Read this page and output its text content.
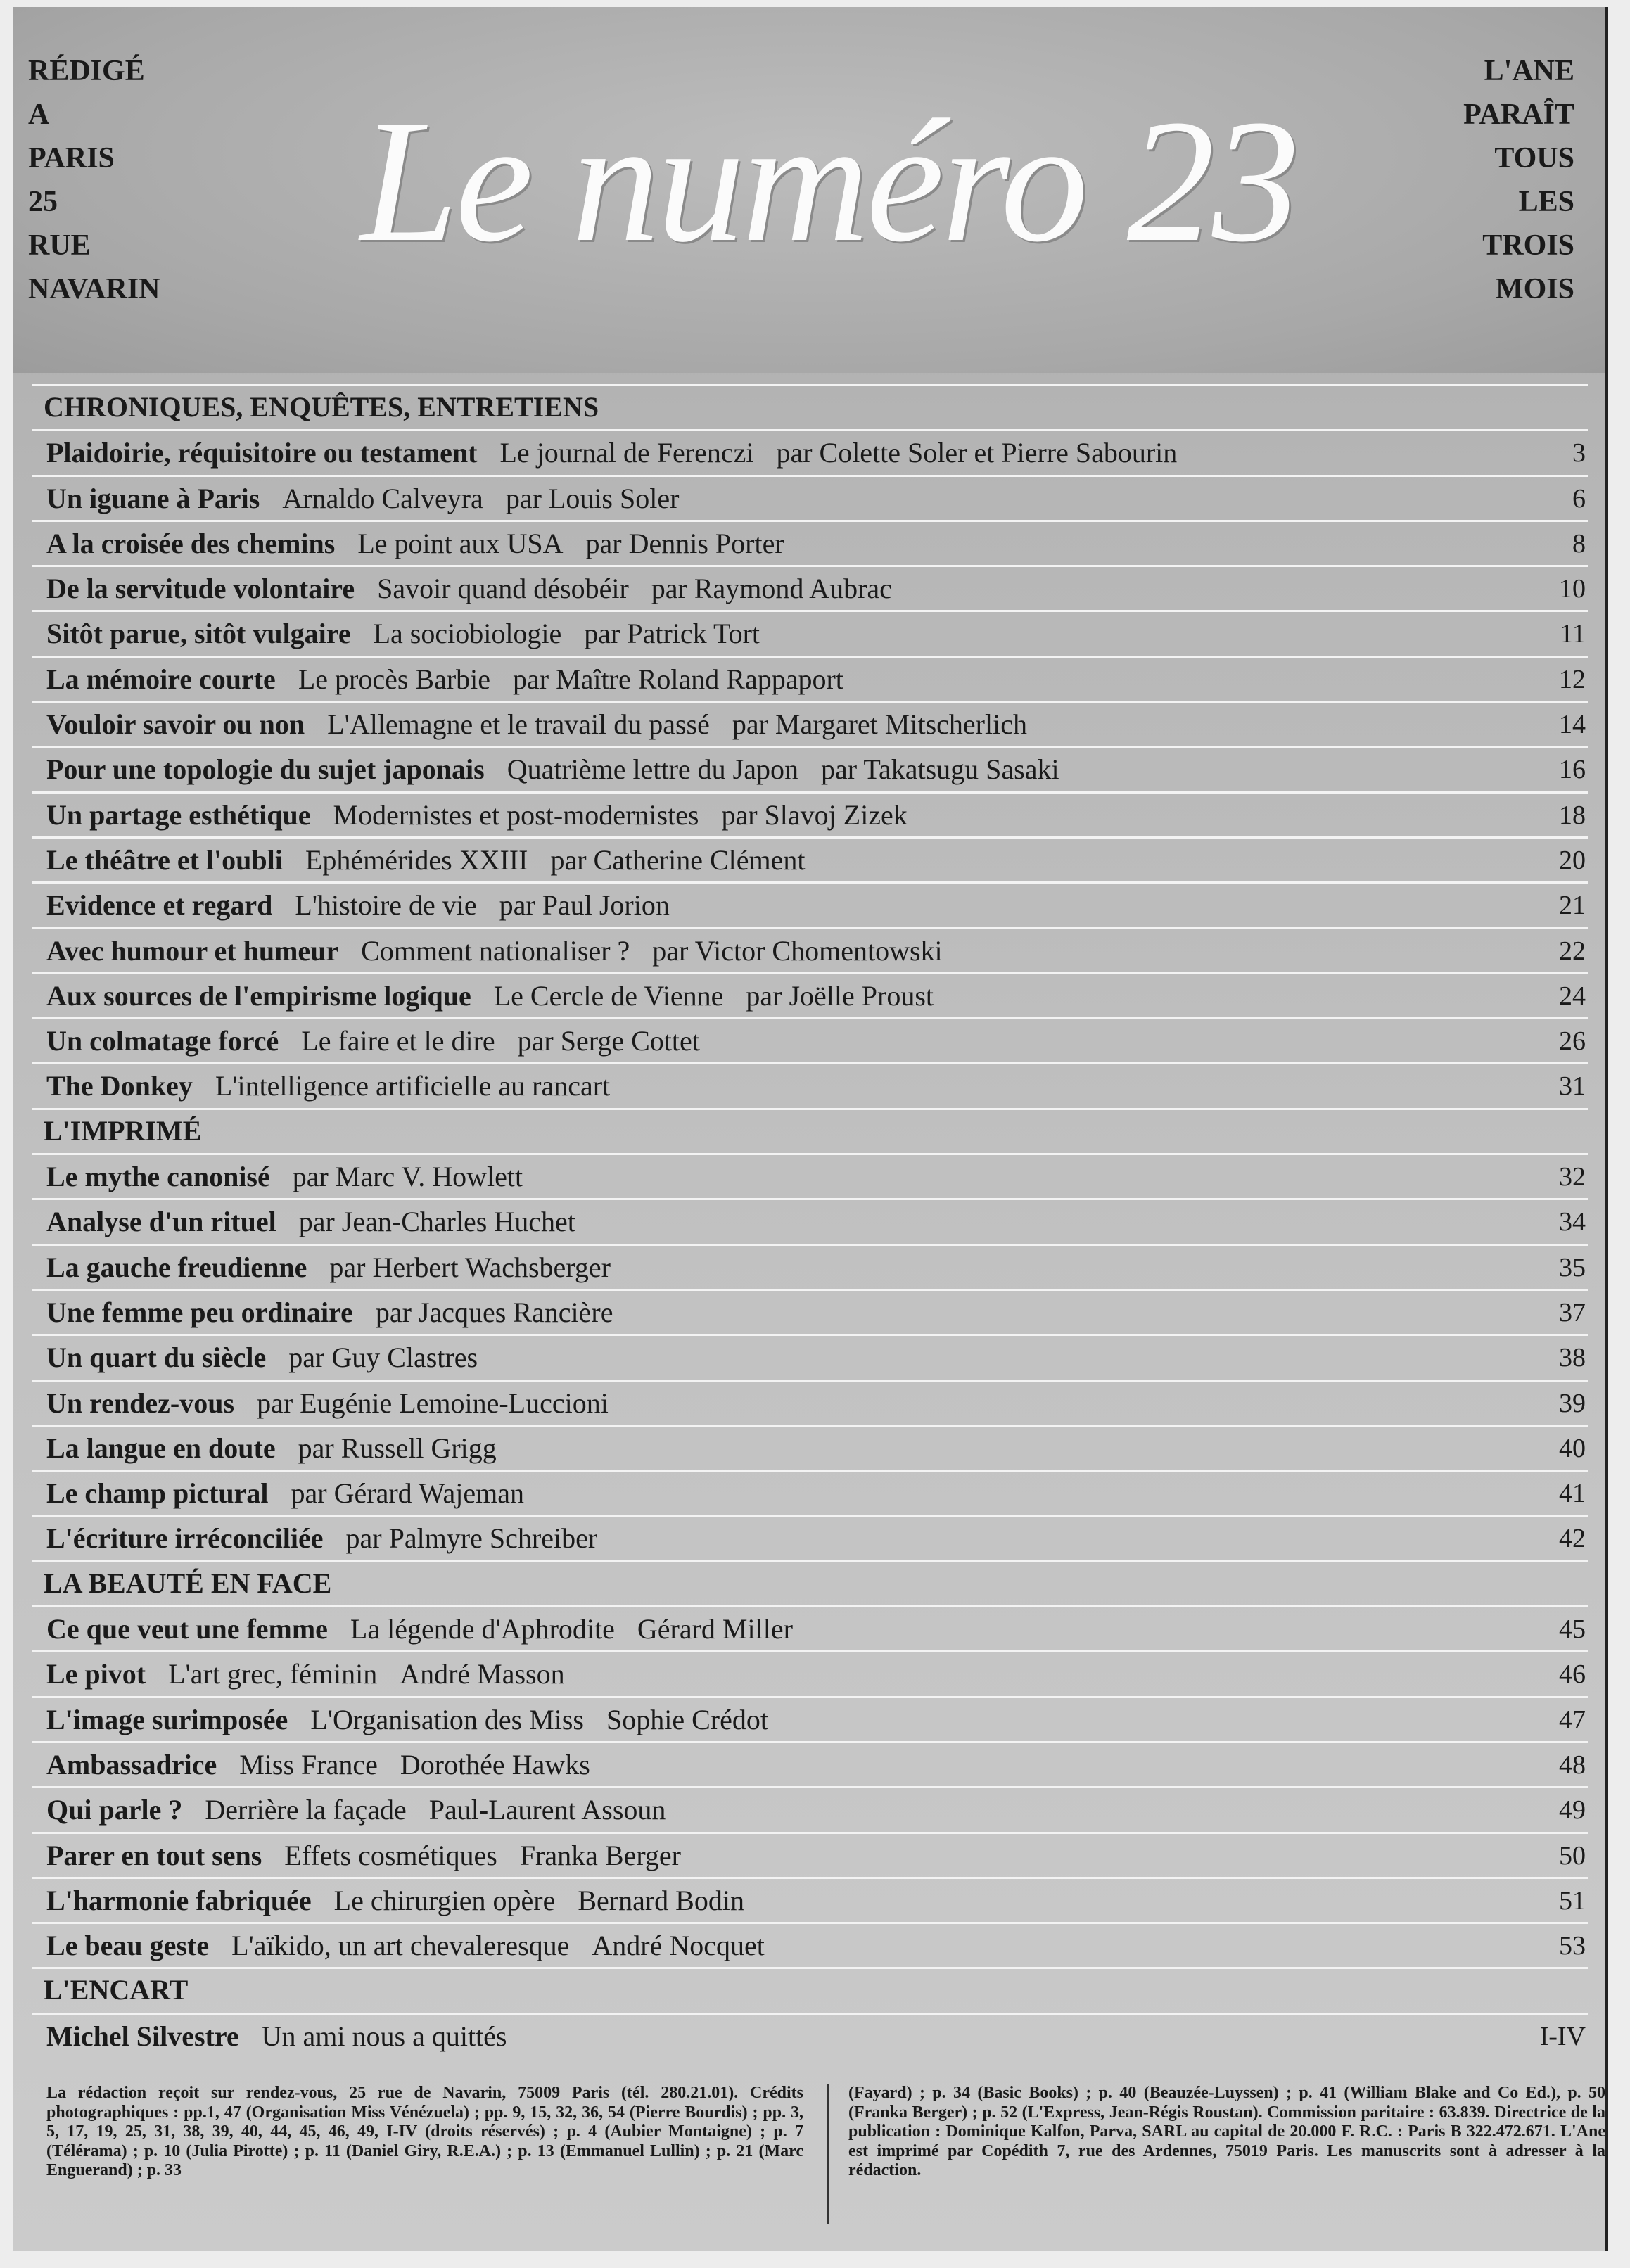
RÉDIGÉ
A
PARIS
25
RUE
NAVARIN
Le numéro 23
L'ANE
PARAÎT
TOUS
LES
TROIS
MOIS
CHRONIQUES, ENQUÊTES, ENTRETIENS
Plaidoirie, réquisitoire ou testament Le journal de Ferenczi par Colette Soler et Pierre Sabourin	3
Un iguane à Paris Arnaldo Calveyra par Louis Soler	6
A la croisée des chemins Le point aux USA par Dennis Porter	8
De la servitude volontaire Savoir quand désobéir par Raymond Aubrac	10
Sitôt parue, sitôt vulgaire La sociobiologie par Patrick Tort	11
La mémoire courte Le procès Barbie par Maître Roland Rappaport	12
Vouloir savoir ou non L'Allemagne et le travail du passé par Margaret Mitscherlich	14
Pour une topologie du sujet japonais Quatrième lettre du Japon par Takatsugu Sasaki	16
Un partage esthétique Modernistes et post-modernistes par Slavoj Zizek	18
Le théâtre et l'oubli Ephémérides XXIII par Catherine Clément	20
Evidence et regard L'histoire de vie par Paul Jorion	21
Avec humour et humeur Comment nationaliser ? par Victor Chomentowski	22
Aux sources de l'empirisme logique Le Cercle de Vienne par Joëlle Proust	24
Un colmatage forcé Le faire et le dire par Serge Cottet	26
The Donkey L'intelligence artificielle au rancart	31
L'IMPRIMÉ
Le mythe canonisé par Marc V. Howlett	32
Analyse d'un rituel par Jean-Charles Huchet	34
La gauche freudienne par Herbert Wachsberger	35
Une femme peu ordinaire par Jacques Rancière	37
Un quart du siècle par Guy Clastres	38
Un rendez-vous par Eugénie Lemoine-Luccioni	39
La langue en doute par Russell Grigg	40
Le champ pictural par Gérard Wajeman	41
L'écriture irréconciliée par Palmyre Schreiber	42
LA BEAUTÉ EN FACE
Ce que veut une femme La légende d'Aphrodite Gérard Miller	45
Le pivot L'art grec, féminin André Masson	46
L'image surimposée L'Organisation des Miss Sophie Crédot	47
Ambassadrice Miss France Dorothée Hawks	48
Qui parle ? Derrière la façade Paul-Laurent Assoun	49
Parer en tout sens Effets cosmétiques Franka Berger	50
L'harmonie fabriquée Le chirurgien opère Bernard Bodin	51
Le beau geste L'aïkido, un art chevaleresque André Nocquet	53
L'ENCART
Michel Silvestre Un ami nous a quittés	I-IV
La rédaction reçoit sur rendez-vous, 25 rue de Navarin, 75009 Paris (tél. 280.21.01). Crédits photographiques : pp.1, 47 (Organisation Miss Vénézuela) ; pp. 9, 15, 32, 36, 54 (Pierre Bourdis) ; pp. 3, 5, 17, 19, 25, 31, 38, 39, 40, 44, 45, 46, 49, I-IV (droits réservés) ; p. 4 (Aubier Montaigne) ; p. 7 (Télérama) ; p. 10 (Julia Pirotte) ; p. 11 (Daniel Giry, R.E.A.) ; p. 13 (Emmanuel Lullin) ; p. 21 (Marc Enguerand) ; p. 33
(Fayard) ; p. 34 (Basic Books) ; p. 40 (Beauzée-Luyssen) ; p. 41 (William Blake and Co Ed.), p. 50 (Franka Berger) ; p. 52 (L'Express, Jean-Régis Roustan). Commission paritaire : 63.839. Directrice de la publication : Dominique Kalfon, Parva, SARL au capital de 20.000 F. R.C. : Paris B 322.472.671. L'Ane est imprimé par Copédith 7, rue des Ardennes, 75019 Paris. Les manuscrits sont à adresser à la rédaction.
